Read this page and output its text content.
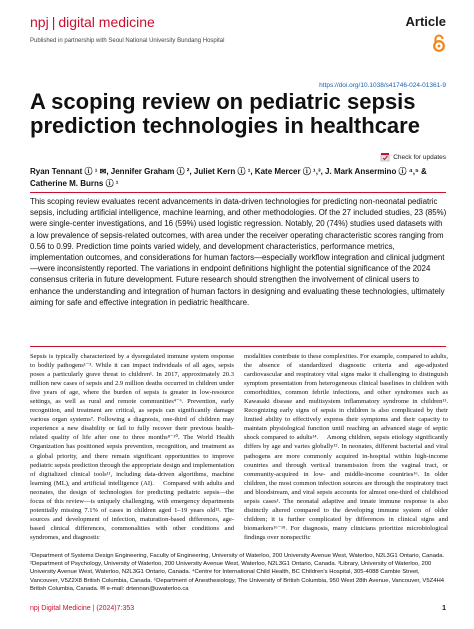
npj | digital medicine	Article
Published in partnership with Seoul National University Bundang Hospital
https://doi.org/10.1038/s41746-024-01361-9
A scoping review on pediatric sepsis prediction technologies in healthcare
Check for updates
Ryan Tennant ⓘ ¹ ✉, Jennifer Graham ⓘ ², Juliet Kern ⓘ ¹, Kate Mercer ⓘ ¹,³, J. Mark Ansermino ⓘ ⁴,⁵ & Catherine M. Burns ⓘ ¹

This scoping review evaluates recent advancements in data-driven technologies for predicting non-neonatal pediatric sepsis, including artificial intelligence, machine learning, and other methodologies. Of the 27 included studies, 23 (85%) were single-center investigations, and 16 (59%) used logistic regression. Notably, 20 (74%) studies used datasets with a low prevalence of sepsis-related outcomes, with area under the receiver operating characteristic scores ranging from 0.56 to 0.99. Prediction time points varied widely, and development characteristics, performance metrics, implementation outcomes, and considerations for human factors—especially workflow integration and clinical judgment—were inconsistently reported. The variations in endpoint definitions highlight the potential significance of the 2024 consensus criteria in future development. Future research should strengthen the involvement of clinical users to enhance the understanding and integration of human factors in designing and evaluating these technologies, ultimately aiming for safe and effective integration in pediatric healthcare.

Sepsis is typically characterized by a dysregulated immune system response to bodily pathogens¹⁻³. While it can impact individuals of all ages, sepsis poses a particularly grave threat to children¹. In 2017, approximately 20.3 million new cases of sepsis and 2.9 million deaths occurred in children under five years of age, where the burden of sepsis is greater in low-resource settings, as well as rural and remote communities⁴⁻⁶. Prevention, early recognition, and treatment are critical, as sepsis can significantly damage various organ systems⁷. Following a diagnosis, one-third of children may experience a new disability or fail to fully recover their previous health-related quality of life after one to three months⁸⁻¹⁰. The World Health Organization has positioned sepsis prevention, recognition, and treatment as a global priority, and there remain significant opportunities to improve pediatric sepsis prediction through the appropriate design and implementation of digitalized clinical tools¹¹, including data-driven algorithms, machine learning (ML), and artificial intelligence (AI).    Compared with adults and neonates, the design of technologies for predicting pediatric sepsis—the focus of this review—is uniquely challenging, with emergency departments potentially missing 7.1% of cases in children aged 1–19 years old¹². The sources and development of infection, maturation-based differences, age-based clinical differences, commonalities with other conditions and syndromes, and diagnostic

modalities contribute to these complexities. For example, compared to adults, the absence of standardized diagnostic criteria and age-adjusted cardiovascular and respiratory vital signs make it challenging to distinguish symptom presentation from heterogeneous clinical baselines in children with comorbidities, common febrile infections, and other syndromes such as Kawasaki disease and multisystem inflammatory syndrome in children¹³. Recognizing early signs of sepsis in children is also complicated by their limited ability to effectively express their symptoms and their capacity to maintain physiological function until reaching an advanced stage of septic shock compared to adults¹⁴.    Among children, sepsis etiology significantly differs by age and varies globally¹⁵. In neonates, different bacterial and viral pathogens are more commonly acquired in-hospital within high-income countries and through vertical transmission from the vaginal tract, or community-acquired in low- and middle-income countries¹⁶. In older children, the most common infection sources are through the respiratory tract and bloodstream, and viral sepsis accounts for almost one-third of childhood sepsis cases¹. The neonatal adaptive and innate immune response is also distinctly altered compared to the developing immune system of older children; it is further complicated by differences in clinical signs and biomarkers¹⁶⁻¹⁸. For diagnosis, many clinicians prioritize microbiological findings over nonspecific

¹Department of Systems Design Engineering, Faculty of Engineering, University of Waterloo, 200 University Avenue West, Waterloo, N2L3G1 Ontario, Canada. ²Department of Psychology, University of Waterloo, 200 University Avenue West, Waterloo, N2L3G1 Ontario, Canada. ³Library, University of Waterloo, 200 University Avenue West, Waterloo, N2L3G1 Ontario, Canada. ⁴Centre for International Child Health, BC Children's Hospital, 305-4088 Cambie Street, Vancouver, V5Z2X8 British Columbia, Canada. ⁵Department of Anesthesiology, The University of British Columbia, 950 West 28th Avenue, Vancouver, V5Z4H4 British Columbia, Canada. ✉ e-mail: drtennan@uwaterloo.ca
npj Digital Medicine | (2024)7:353	1
